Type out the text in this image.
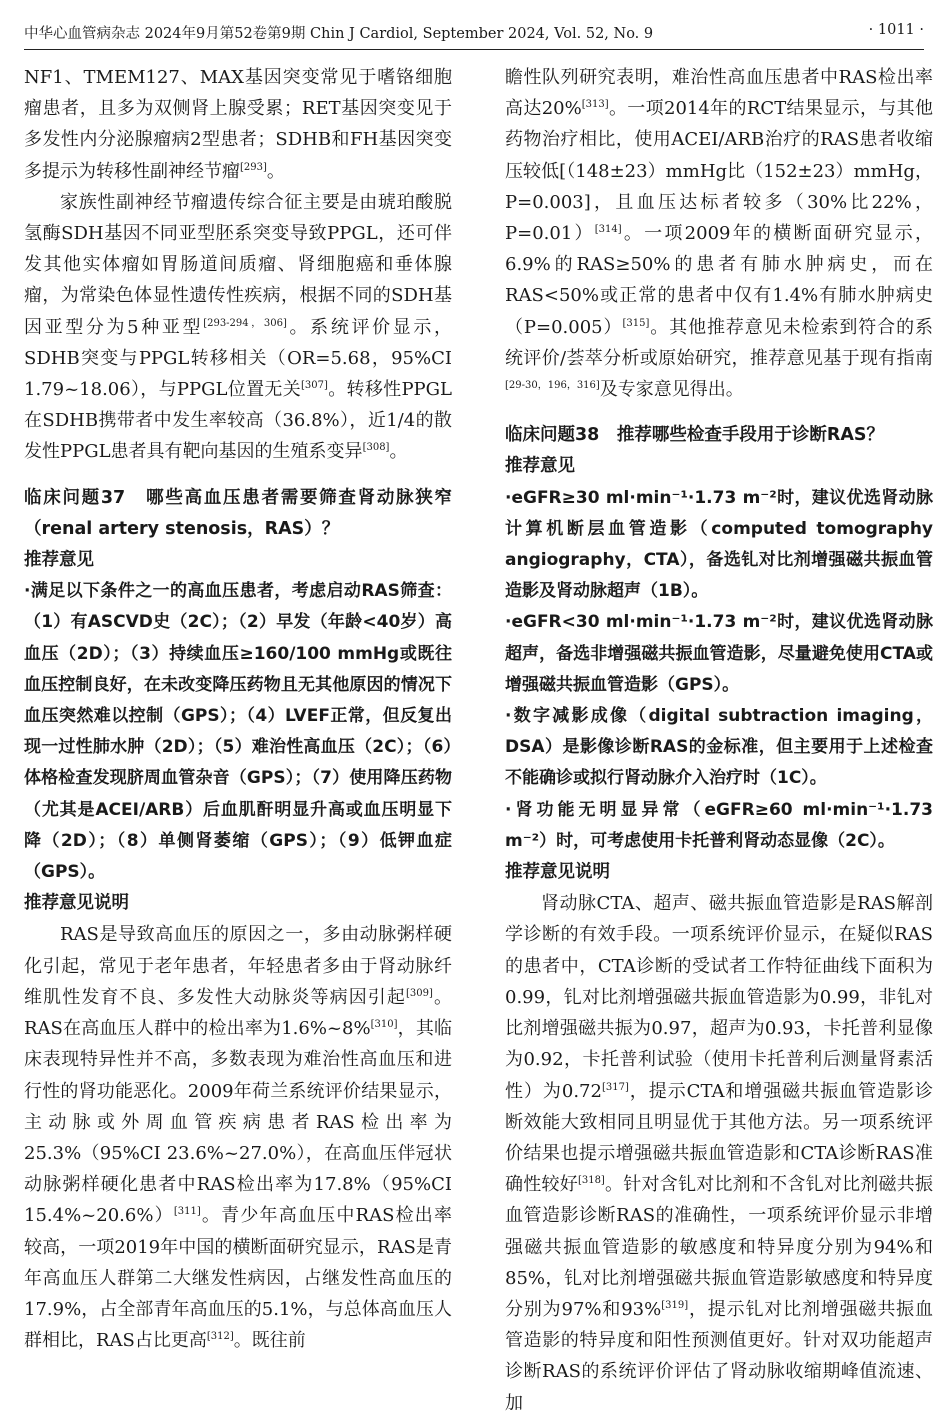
中华心血管病杂志 2024年9月第52卷第9期 Chin J Cardiol, September 2024, Vol. 52, No. 9	· 1011 ·

NF1、TMEM127、MAX基因突变常见于嗜铬细胞瘤患者，且多为双侧肾上腺受累；RET基因突变见于多发性内分泌腺瘤病2型患者；SDHB和FH基因突变多提示为转移性副神经节瘤[293]。

家族性副神经节瘤遗传综合征主要是由琥珀酸脱氢酶SDH基因不同亚型胚系突变导致PPGL，还可伴发其他实体瘤如胃肠道间质瘤、肾细胞癌和垂体腺瘤，为常染色体显性遗传性疾病，根据不同的SDH基因亚型分为5种亚型[293-294，306]。系统评价显示，SDHB突变与PPGL转移相关（OR=5.68，95%CI 1.79~18.06），与PPGL位置无关[307]。转移性PPGL在SDHB携带者中发生率较高（36.8%），近1/4的散发性PPGL患者具有靶向基因的生殖系变异[308]。

临床问题37　哪些高血压患者需要筛查肾动脉狭窄（renal artery stenosis，RAS）？

推荐意见

·满足以下条件之一的高血压患者，考虑启动RAS筛查：（1）有ASCVD史（2C）；（2）早发（年龄<40岁）高血压（2D）；（3）持续血压≥160/100 mmHg或既往血压控制良好，在未改变降压药物且无其他原因的情况下血压突然难以控制（GPS）；（4）LVEF正常，但反复出现一过性肺水肿（2D）；（5）难治性高血压（2C）；（6）体格检查发现脐周血管杂音（GPS）；（7）使用降压药物（尤其是ACEI/ARB）后血肌酐明显升高或血压明显下降（2D）；（8）单侧肾萎缩（GPS）；（9）低钾血症（GPS）。

推荐意见说明

RAS是导致高血压的原因之一，多由动脉粥样硬化引起，常见于老年患者，年轻患者多由于肾动脉纤维肌性发育不良、多发性大动脉炎等病因引起[309]。RAS在高血压人群中的检出率为1.6%~8%[310]，其临床表现特异性并不高，多数表现为难治性高血压和进行性的肾功能恶化。2009年荷兰系统评价结果显示，主动脉或外周血管疾病患者RAS检出率为25.3%（95%CI 23.6%~27.0%），在高血压伴冠状动脉粥样硬化患者中RAS检出率为17.8%（95%CI 15.4%~20.6%）[311]。青少年高血压中RAS检出率较高，一项2019年中国的横断面研究显示，RAS是青年高血压人群第二大继发性病因，占继发性高血压的17.9%，占全部青年高血压的5.1%，与总体高血压人群相比，RAS占比更高[312]。既往前

瞻性队列研究表明，难治性高血压患者中RAS检出率高达20%[313]。一项2014年的RCT结果显示，与其他药物治疗相比，使用ACEI/ARB治疗的RAS患者收缩压较低[（148±23）mmHg比（152±23）mmHg，P=0.003]，且血压达标者较多（30%比22%，P=0.01）[314]。一项2009年的横断面研究显示，6.9%的RAS≥50%的患者有肺水肿病史，而在RAS<50%或正常的患者中仅有1.4%有肺水肿病史（P=0.005）[315]。其他推荐意见未检索到符合的系统评价/荟萃分析或原始研究，推荐意见基于现有指南[29-30，196，316]及专家意见得出。

临床问题38　推荐哪些检查手段用于诊断RAS？

推荐意见

·eGFR≥30 ml·min⁻¹·1.73 m⁻²时，建议优选肾动脉计算机断层血管造影（computed tomography angiography，CTA），备选钆对比剂增强磁共振血管造影及肾动脉超声（1B）。

·eGFR<30 ml·min⁻¹·1.73 m⁻²时，建议优选肾动脉超声，备选非增强磁共振血管造影，尽量避免使用CTA或增强磁共振血管造影（GPS）。

·数字减影成像（digital subtraction imaging，DSA）是影像诊断RAS的金标准，但主要用于上述检查不能确诊或拟行肾动脉介入治疗时（1C）。

·肾功能无明显异常（eGFR≥60 ml·min⁻¹·1.73 m⁻²）时，可考虑使用卡托普利肾动态显像（2C）。

推荐意见说明

肾动脉CTA、超声、磁共振血管造影是RAS解剖学诊断的有效手段。一项系统评价显示，在疑似RAS的患者中，CTA诊断的受试者工作特征曲线下面积为0.99，钆对比剂增强磁共振血管造影为0.99，非钆对比剂增强磁共振为0.97，超声为0.93，卡托普利显像为0.92，卡托普利试验（使用卡托普利后测量肾素活性）为0.72[317]，提示CTA和增强磁共振血管造影诊断效能大致相同且明显优于其他方法。另一项系统评价结果也提示增强磁共振血管造影和CTA诊断RAS准确性较好[318]。针对含钆对比剂和不含钆对比剂磁共振血管造影诊断RAS的准确性，一项系统评价显示非增强磁共振血管造影的敏感度和特异度分别为94%和85%，钆对比剂增强磁共振血管造影敏感度和特异度分别为97%和93%[319]，提示钆对比剂增强磁共振血管造影的特异度和阳性预测值更好。针对双功能超声诊断RAS的系统评价评估了肾动脉收缩期峰值流速、加
